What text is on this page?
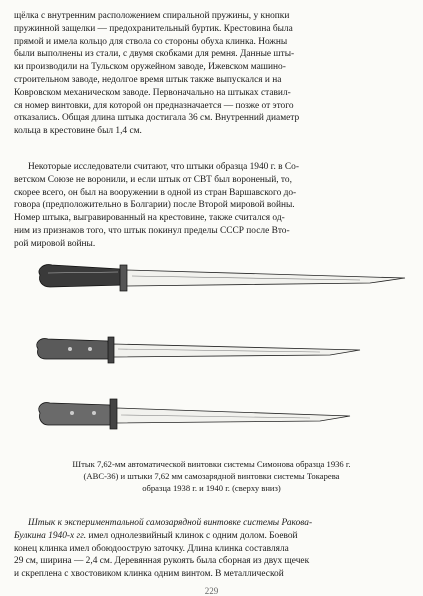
щёлка с внутренним расположением спиральной пружины, у кнопки
пружинной защелки — предохранительный буртик. Крестовина была
прямой и имела кольцо для ствола со стороны обуха клинка. Ножны
были выполнены из стали, с двумя скобками для ремня. Данные шты-
ки производили на Тульском оружейном заводе, Ижевском машино-
строительном заводе, недолгое время штык также выпускался и на
Ковровском механическом заводе. Первоначально на штыках ставил-
ся номер винтовки, для которой он предназначается — позже от этого
отказались. Общая длина штыка достигала 36 см. Внутренний диаметр
кольца в крестовине был 1,4 см.

Некоторые исследователи считают, что штыки образца 1940 г. в Со-
ветском Союзе не воронили, и если штык от СВТ был вороненый, то,
скорее всего, он был на вооружении в одной из стран Варшавского до-
говора (предположительно в Болгарии) после Второй мировой войны.
Номер штыка, выгравированный на крестовине, также считался од-
ним из признаков того, что штык покинул пределы СССР после Вто-
рой мировой войны.

Штык 7,62-мм автоматической винтовки системы Симонова образца 1936 г.
(АВС-36) и штыки 7,62 мм самозарядной винтовки системы Токарева
образца 1938 г. и 1940 г. (сверху вниз)

Штык к экспериментальной самозарядной винтовке системы Ракова-
Булкина 1940-х гг. имел однолезвийный клинок с одним долом. Боевой
конец клинка имел обоюдоострую заточку. Длина клинка составляла
29 см, ширина — 2,4 см. Деревянная рукоять была сборная из двух щечек
и скреплена с хвостовиком клинка одним винтом. В металлической

229
